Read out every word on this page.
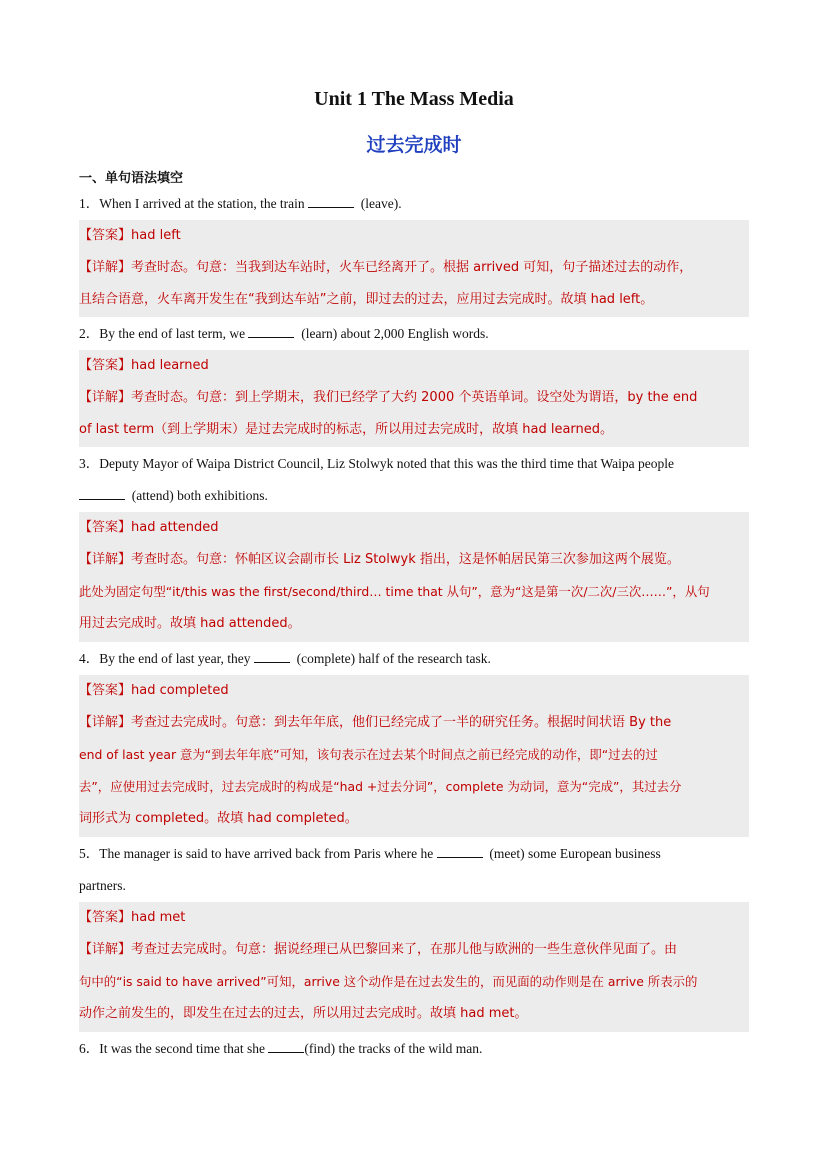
Unit 1 The Mass Media
过去完成时
一、单句语法填空
1．When I arrived at the station, the train	(leave).
【答案】had left
【详解】考查时态。句意：当我到达车站时，火车已经离开了。根据 arrived 可知，句子描述过去的动作，
且结合语意，火车离开发生在“我到达车站”之前，即过去的过去，应用过去完成时。故填 had left。
2．By the end of last term, we	(learn) about 2,000 English words.
【答案】had learned
【详解】考查时态。句意：到上学期末，我们已经学了大约 2000 个英语单词。设空处为谓语，by the end
of last term（到上学期末）是过去完成时的标志，所以用过去完成时，故填 had learned。
3．Deputy Mayor of Waipa District Council, Liz Stolwyk noted that this was the third time that Waipa people
(attend) both exhibitions.
【答案】had attended
【详解】考查时态。句意：怀帕区议会副市长 Liz Stolwyk 指出，这是怀帕居民第三次参加这两个展览。
此处为固定句型“it/this was the first/second/third… time that 从句”，意为“这是第一次/二次/三次……”，从句
用过去完成时。故填 had attended。
4．By the end of last year, they	(complete) half of the research task.
【答案】had completed
【详解】考查过去完成时。句意：到去年年底，他们已经完成了一半的研究任务。根据时间状语 By the
end of last year 意为“到去年年底”可知，该句表示在过去某个时间点之前已经完成的动作，即“过去的过
去”，应使用过去完成时，过去完成时的构成是“had +过去分词”，complete 为动词，意为“完成”，其过去分
词形式为 completed。故填 had completed。
5．The manager is said to have arrived back from Paris where he	(meet) some European business
partners.
【答案】had met
【详解】考查过去完成时。句意：据说经理已从巴黎回来了，在那儿他与欧洲的一些生意伙伴见面了。由
句中的“is said to have arrived”可知，arrive 这个动作是在过去发生的，而见面的动作则是在 arrive 所表示的
动作之前发生的，即发生在过去的过去，所以用过去完成时。故填 had met。
6．It was the second time that she	(find) the tracks of the wild man.
